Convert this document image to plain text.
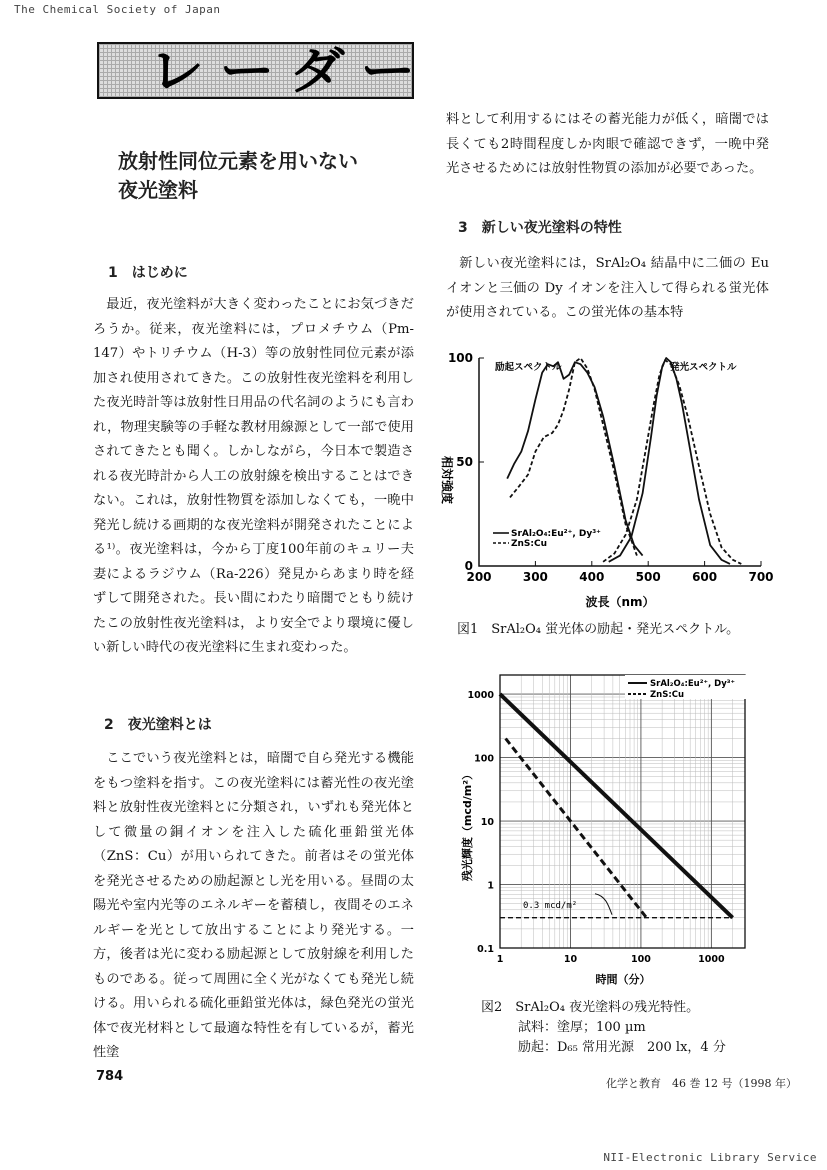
The Chemical Society of Japan
レーダー
放射性同位元素を用いない
夜光塗料
1　はじめに

最近，夜光塗料が大きく変わったことにお気づきだろうか。従来，夜光塗料には，プロメチウム（Pm-147）やトリチウム（H-3）等の放射性同位元素が添加され使用されてきた。この放射性夜光塗料を利用した夜光時計等は放射性日用品の代名詞のようにも言われ，物理実験等の手軽な教材用線源として一部で使用されてきたとも聞く。しかしながら，今日本で製造される夜光時計から人工の放射線を検出することはできない。これは，放射性物質を添加しなくても，一晩中発光し続ける画期的な夜光塗料が開発されたことによる¹⁾。夜光塗料は，今から丁度100年前のキュリー夫妻によるラジウム（Ra-226）発見からあまり時を経ずして開発された。長い間にわたり暗闇でともり続けたこの放射性夜光塗料は，より安全でより環境に優しい新しい時代の夜光塗料に生まれ変わった。

2　夜光塗料とは

ここでいう夜光塗料とは，暗闇で自ら発光する機能をもつ塗料を指す。この夜光塗料には蓄光性の夜光塗料と放射性夜光塗料とに分類され，いずれも発光体として微量の銅イオンを注入した硫化亜鉛蛍光体（ZnS：Cu）が用いられてきた。前者はその蛍光体を発光させるための励起源とし光を用いる。昼間の太陽光や室内光等のエネルギーを蓄積し，夜間そのエネルギーを光として放出することにより発光する。一方，後者は光に変わる励起源として放射線を利用したものである。従って周囲に全く光がなくても発光し続ける。用いられる硫化亜鉛蛍光体は，緑色発光の蛍光体で夜光材料として最適な特性を有しているが，蓄光性塗

料として利用するにはその蓄光能力が低く，暗闇では長くても2時間程度しか肉眼で確認できず，一晩中発光させるためには放射性物質の添加が必要であった。

3　新しい夜光塗料の特性

新しい夜光塗料には，SrAl₂O₄ 結晶中に二価の Eu イオンと三価の Dy イオンを注入して得られる蛍光体が使用されている。この蛍光体の基本特

相対強度
波長（nm）
励起スペクトル	発光スペクトル
200	300	400	500	600	700
0
50
100
SrAl₂O₄:Eu²⁺, Dy³⁺
ZnS:Cu
図1　SrAl₂O₄ 蛍光体の励起・発光スペクトル。
残光輝度（mcd/m²）
時間（分）
1	10	100	1000
0.1
1
10
100
1000
0.3 mcd/m²
SrAl₂O₄:Eu²⁺, Dy³⁺
ZnS:Cu
図2　SrAl₂O₄ 夜光塗料の残光特性。
試料：塗厚；100 µm
励起：D₆₅ 常用光源　200 lx，4 分
784	化学と教育　46 巻 12 号（1998 年）
NII-Electronic Library Service
